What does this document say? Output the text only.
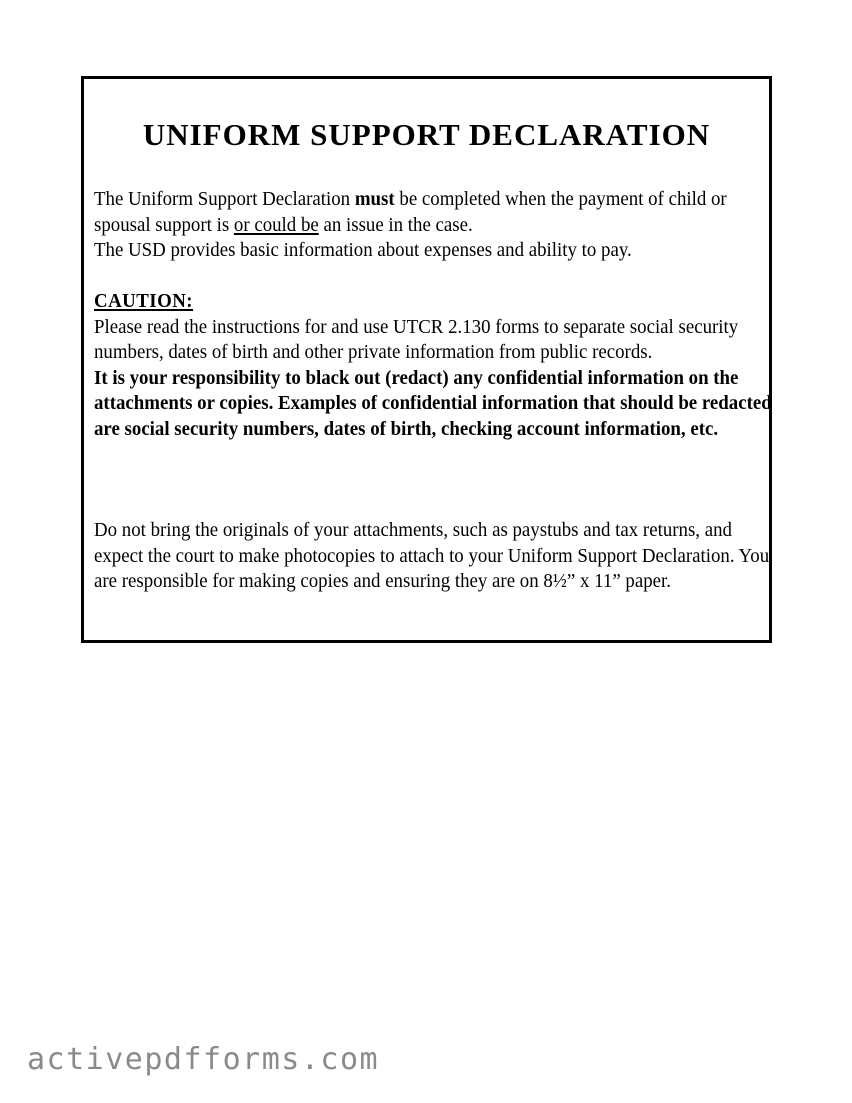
UNIFORM SUPPORT DECLARATION

The Uniform Support Declaration must be completed when the payment of child or spousal support is or could be an issue in the case.

The USD provides basic information about expenses and ability to pay.

CAUTION:

Please read the instructions for and use UTCR 2.130 forms to separate social security numbers, dates of birth and other private information from public records.

It is your responsibility to black out (redact) any confidential information on the attachments or copies. Examples of confidential information that should be redacted are social security numbers, dates of birth, checking account information, etc.

Do not bring the originals of your attachments, such as paystubs and tax returns, and expect the court to make photocopies to attach to your Uniform Support Declaration. You are responsible for making copies and ensuring they are on 8½” x 11” paper.

activepdfforms.com
